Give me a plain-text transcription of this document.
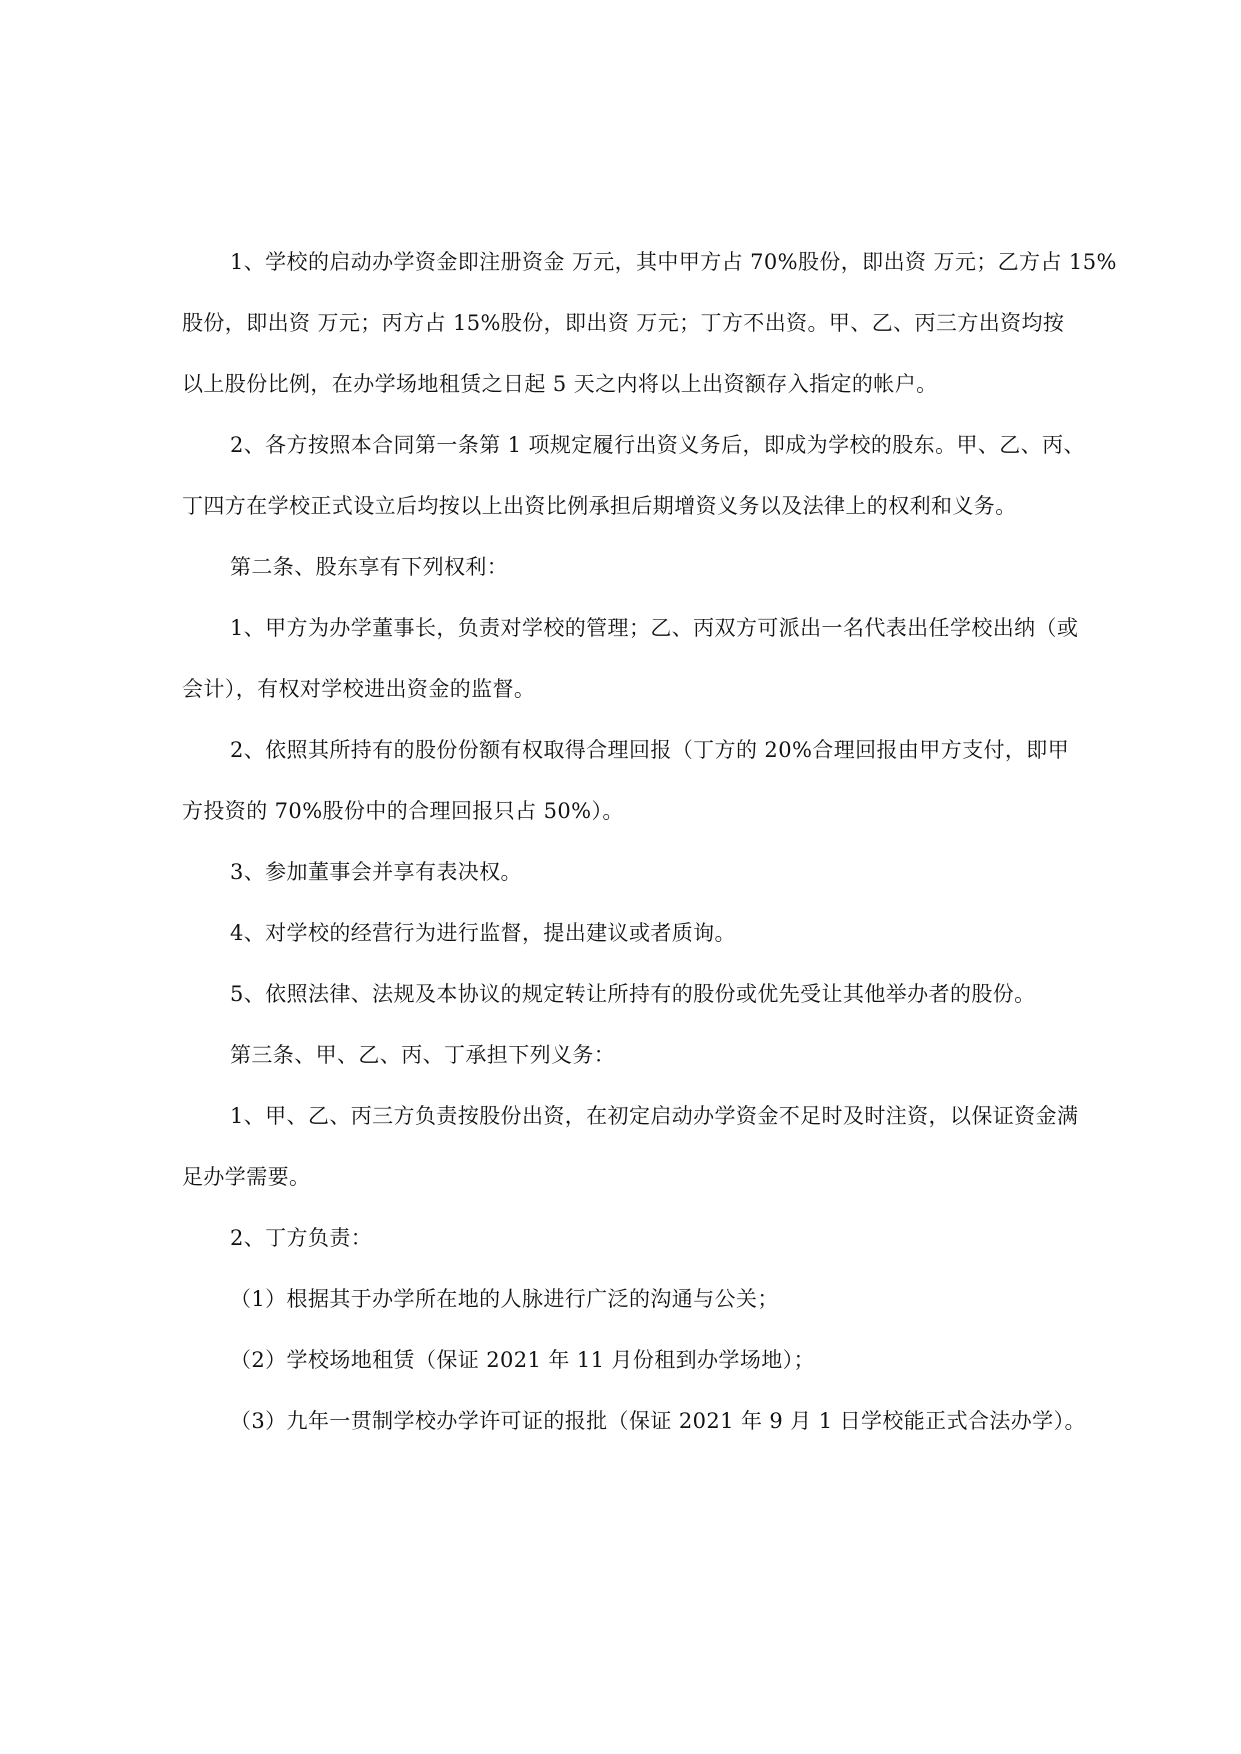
1、学校的启动办学资金即注册资金 万元，其中甲方占 70%股份，即出资 万元；乙方占 15%
股份，即出资 万元；丙方占 15%股份，即出资 万元；丁方不出资。甲、乙、丙三方出资均按
以上股份比例，在办学场地租赁之日起 5 天之内将以上出资额存入指定的帐户。

2、各方按照本合同第一条第 1 项规定履行出资义务后，即成为学校的股东。甲、乙、丙、
丁四方在学校正式设立后均按以上出资比例承担后期增资义务以及法律上的权利和义务。

第二条、股东享有下列权利：

1、甲方为办学董事长，负责对学校的管理；乙、丙双方可派出一名代表出任学校出纳（或
会计），有权对学校进出资金的监督。

2、依照其所持有的股份份额有权取得合理回报（丁方的 20%合理回报由甲方支付，即甲
方投资的 70%股份中的合理回报只占 50%）。

3、参加董事会并享有表决权。

4、对学校的经营行为进行监督，提出建议或者质询。

5、依照法律、法规及本协议的规定转让所持有的股份或优先受让其他举办者的股份。

第三条、甲、乙、丙、丁承担下列义务：

1、甲、乙、丙三方负责按股份出资，在初定启动办学资金不足时及时注资，以保证资金满
足办学需要。

2、丁方负责：

（1）根据其于办学所在地的人脉进行广泛的沟通与公关；

（2）学校场地租赁（保证 2021 年 11 月份租到办学场地）；

（3）九年一贯制学校办学许可证的报批（保证 2021 年 9 月 1 日学校能正式合法办学）。
